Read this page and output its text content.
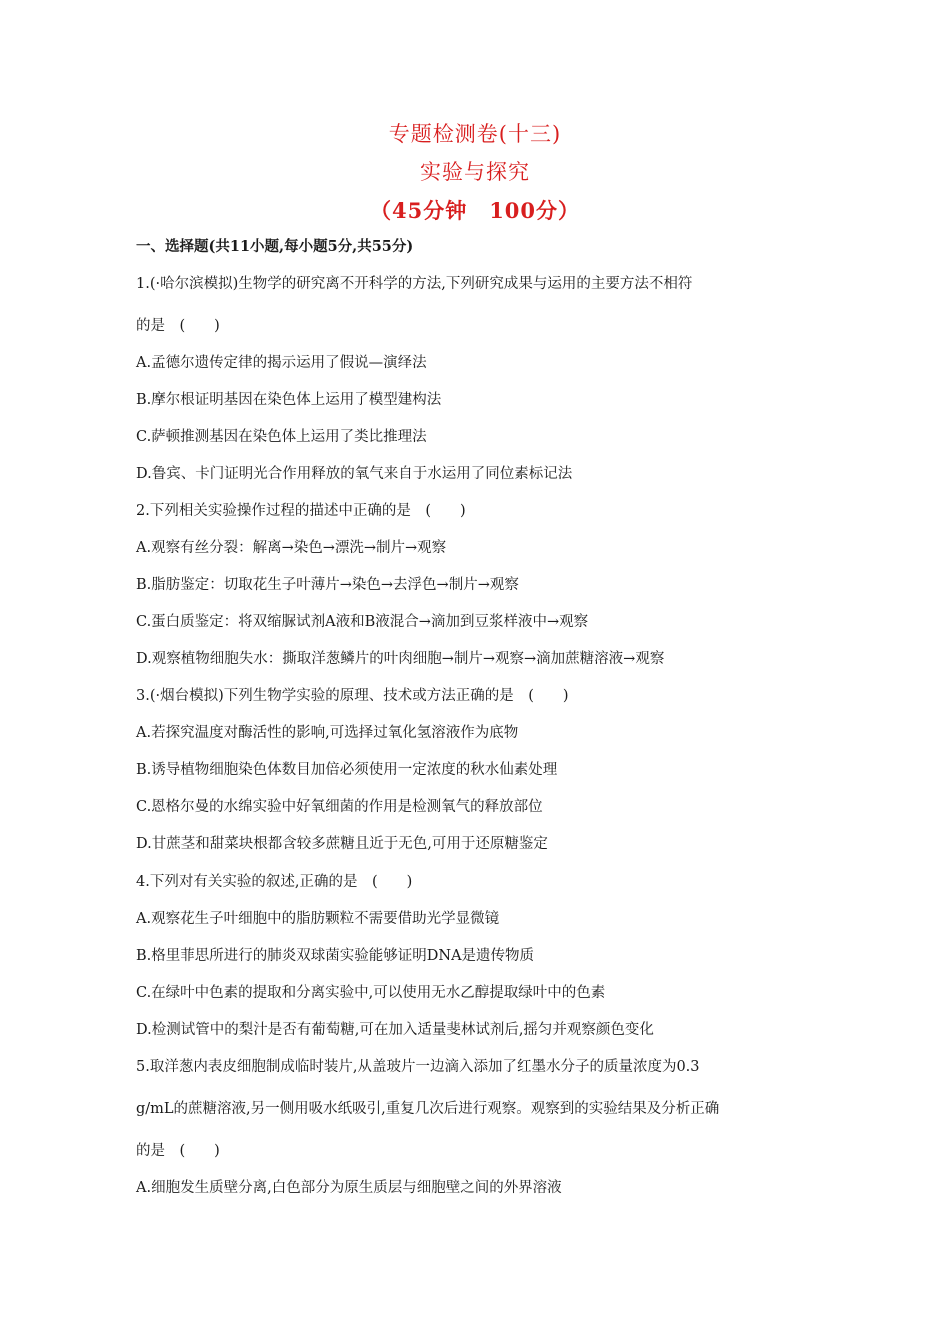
专题检测卷(十三)
实验与探究
（45分钟　100分）
一、选择题(共11小题,每小题5分,共55分)
1.(·哈尔滨模拟)生物学的研究离不开科学的方法,下列研究成果与运用的主要方法不相符
的是　(　　)
A.孟德尔遗传定律的揭示运用了假说—演绎法
B.摩尔根证明基因在染色体上运用了模型建构法
C.萨顿推测基因在染色体上运用了类比推理法
D.鲁宾、卡门证明光合作用释放的氧气来自于水运用了同位素标记法
2.下列相关实验操作过程的描述中正确的是　(　　)
A.观察有丝分裂：解离→染色→漂洗→制片→观察
B.脂肪鉴定：切取花生子叶薄片→染色→去浮色→制片→观察
C.蛋白质鉴定：将双缩脲试剂A液和B液混合→滴加到豆浆样液中→观察
D.观察植物细胞失水：撕取洋葱鳞片的叶肉细胞→制片→观察→滴加蔗糖溶液→观察
3.(·烟台模拟)下列生物学实验的原理、技术或方法正确的是　(　　)
A.若探究温度对酶活性的影响,可选择过氧化氢溶液作为底物
B.诱导植物细胞染色体数目加倍必须使用一定浓度的秋水仙素处理
C.恩格尔曼的水绵实验中好氧细菌的作用是检测氧气的释放部位
D.甘蔗茎和甜菜块根都含较多蔗糖且近于无色,可用于还原糖鉴定
4.下列对有关实验的叙述,正确的是　(　　)
A.观察花生子叶细胞中的脂肪颗粒不需要借助光学显微镜
B.格里菲思所进行的肺炎双球菌实验能够证明DNA是遗传物质
C.在绿叶中色素的提取和分离实验中,可以使用无水乙醇提取绿叶中的色素
D.检测试管中的梨汁是否有葡萄糖,可在加入适量斐林试剂后,摇匀并观察颜色变化
5.取洋葱内表皮细胞制成临时装片,从盖玻片一边滴入添加了红墨水分子的质量浓度为0.3
g/mL的蔗糖溶液,另一侧用吸水纸吸引,重复几次后进行观察。观察到的实验结果及分析正确
的是　(　　)
A.细胞发生质壁分离,白色部分为原生质层与细胞壁之间的外界溶液
